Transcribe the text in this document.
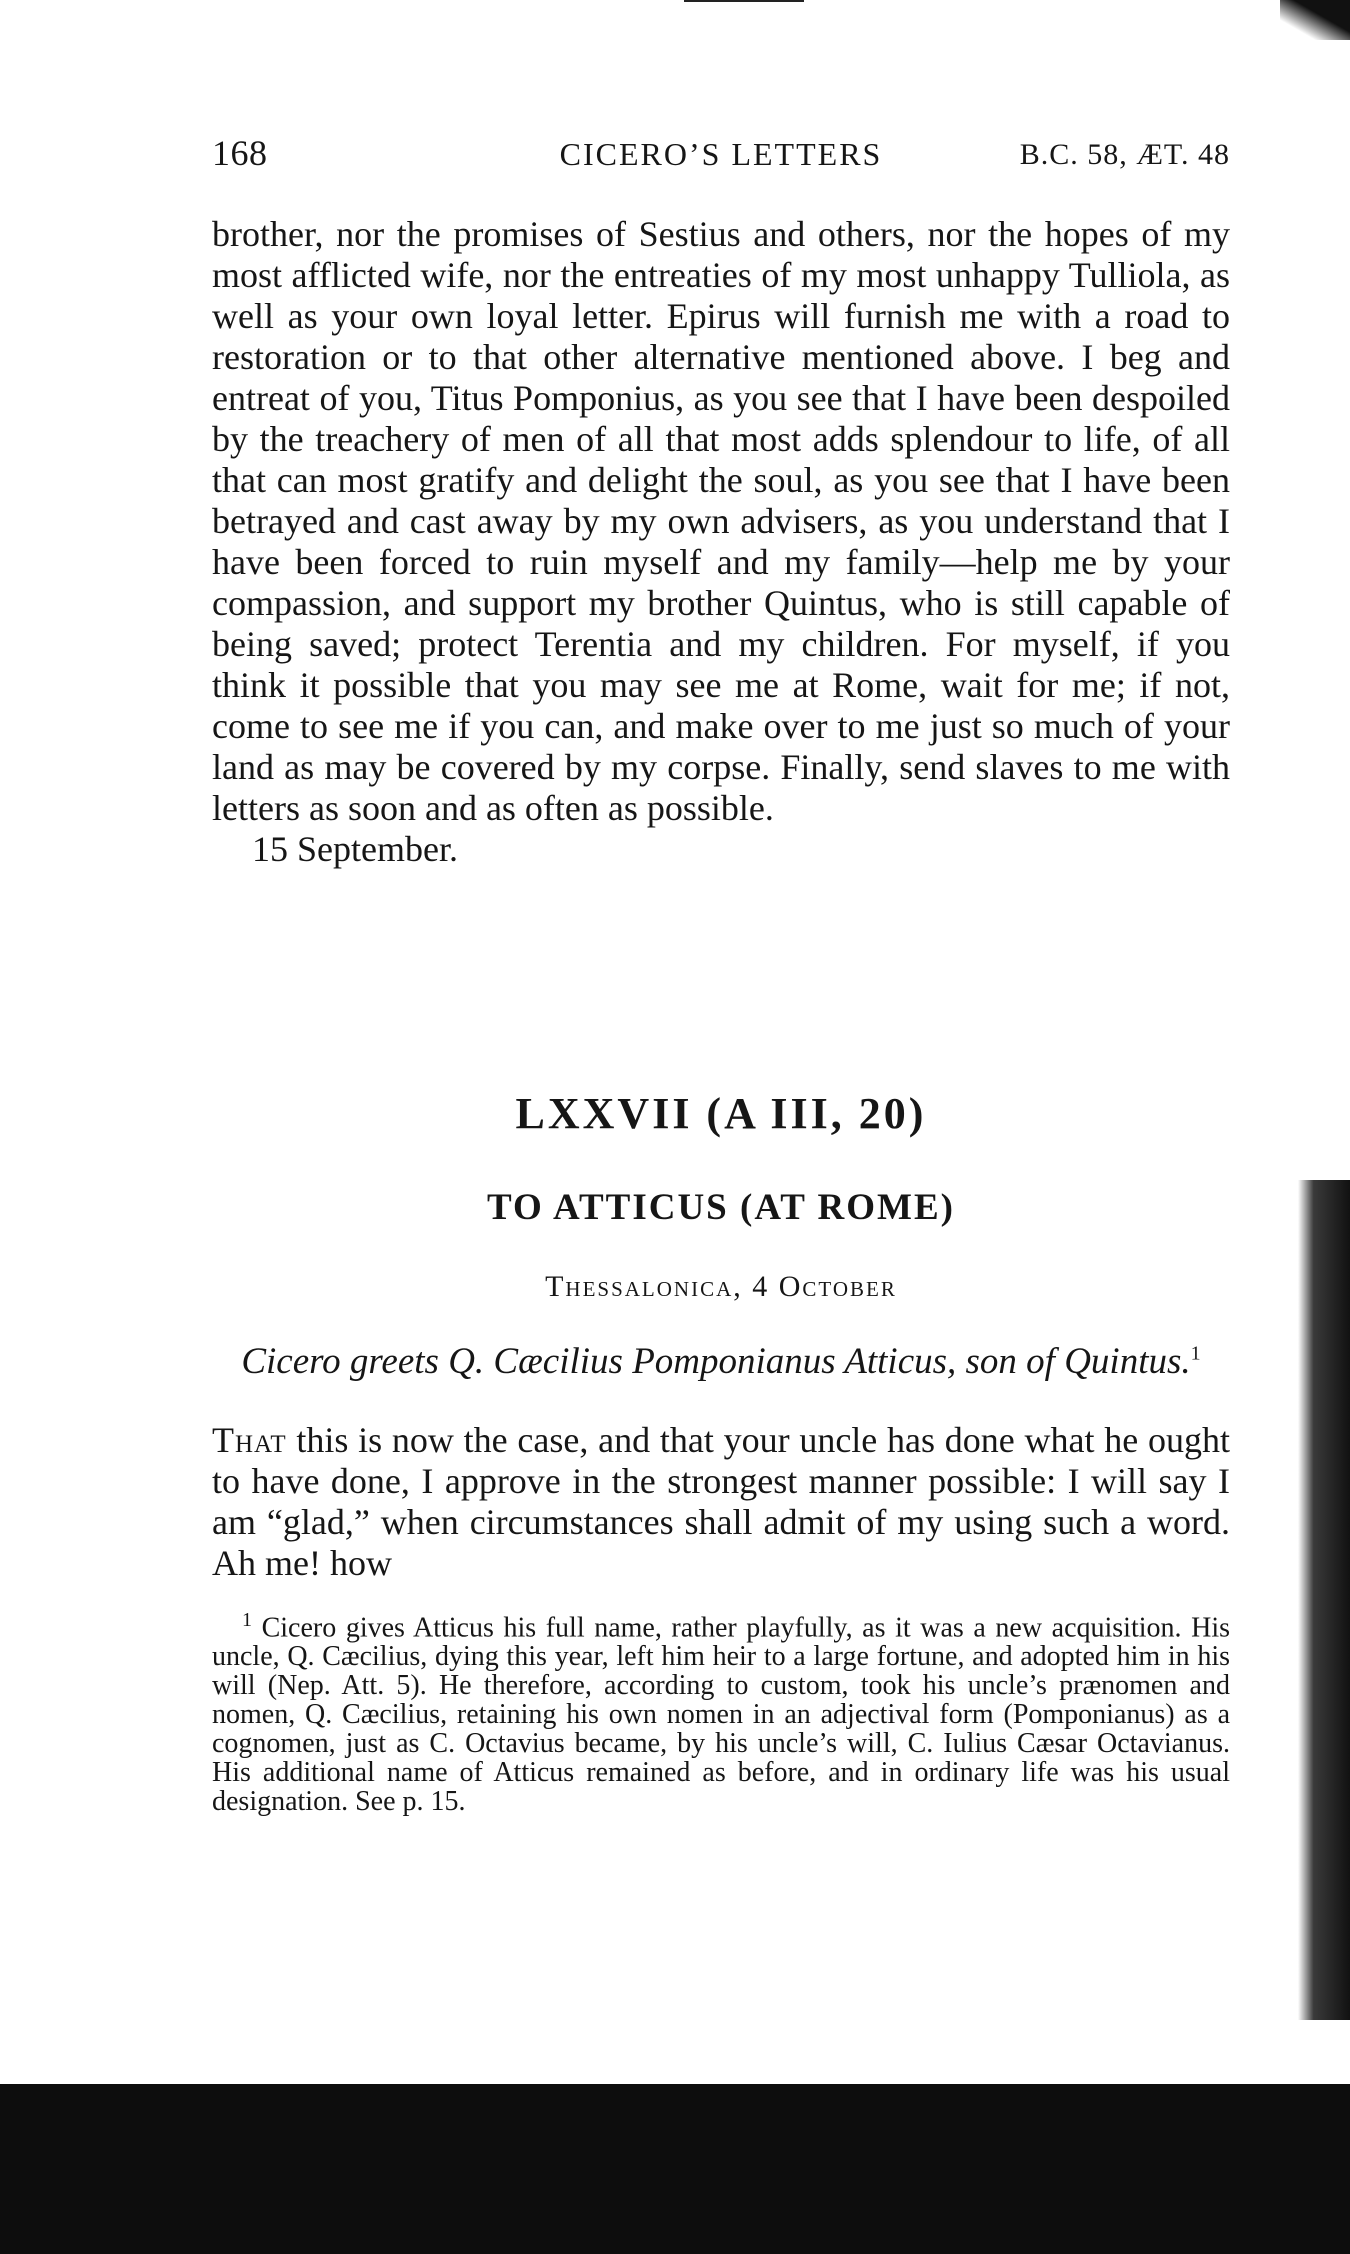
168	CICERO’S LETTERS	B.C. 58, ÆT. 48

brother, nor the promises of Sestius and others, nor the hopes of my most afflicted wife, nor the entreaties of my most unhappy Tulliola, as well as your own loyal letter. Epirus will furnish me with a road to restoration or to that other alternative mentioned above. I beg and entreat of you, Titus Pomponius, as you see that I have been despoiled by the treachery of men of all that most adds splendour to life, of all that can most gratify and delight the soul, as you see that I have been betrayed and cast away by my own advisers, as you understand that I have been forced to ruin myself and my family—help me by your compassion, and support my brother Quintus, who is still capable of being saved; protect Terentia and my children. For myself, if you think it possible that you may see me at Rome, wait for me; if not, come to see me if you can, and make over to me just so much of your land as may be covered by my corpse. Finally, send slaves to me with letters as soon and as often as possible.

15 September.

LXXVII (A III, 20)
TO ATTICUS (AT ROME)
Thessalonica, 4 October

Cicero greets Q. Cæcilius Pomponianus Atticus, son of Quintus.$^1$

That this is now the case, and that your uncle has done what he ought to have done, I approve in the strongest manner possible: I will say I am “glad,” when circumstances shall admit of my using such a word. Ah me! how

$^1$ Cicero gives Atticus his full name, rather playfully, as it was a new acquisition. His uncle, Q. Cæcilius, dying this year, left him heir to a large fortune, and adopted him in his will (Nep. Att. 5). He therefore, according to custom, took his uncle’s prænomen and nomen, Q. Cæcilius, retaining his own nomen in an adjectival form (Pomponianus) as a cognomen, just as C. Octavius became, by his uncle’s will, C. Iulius Cæsar Octavianus. His additional name of Atticus remained as before, and in ordinary life was his usual designation. See p. 15.
